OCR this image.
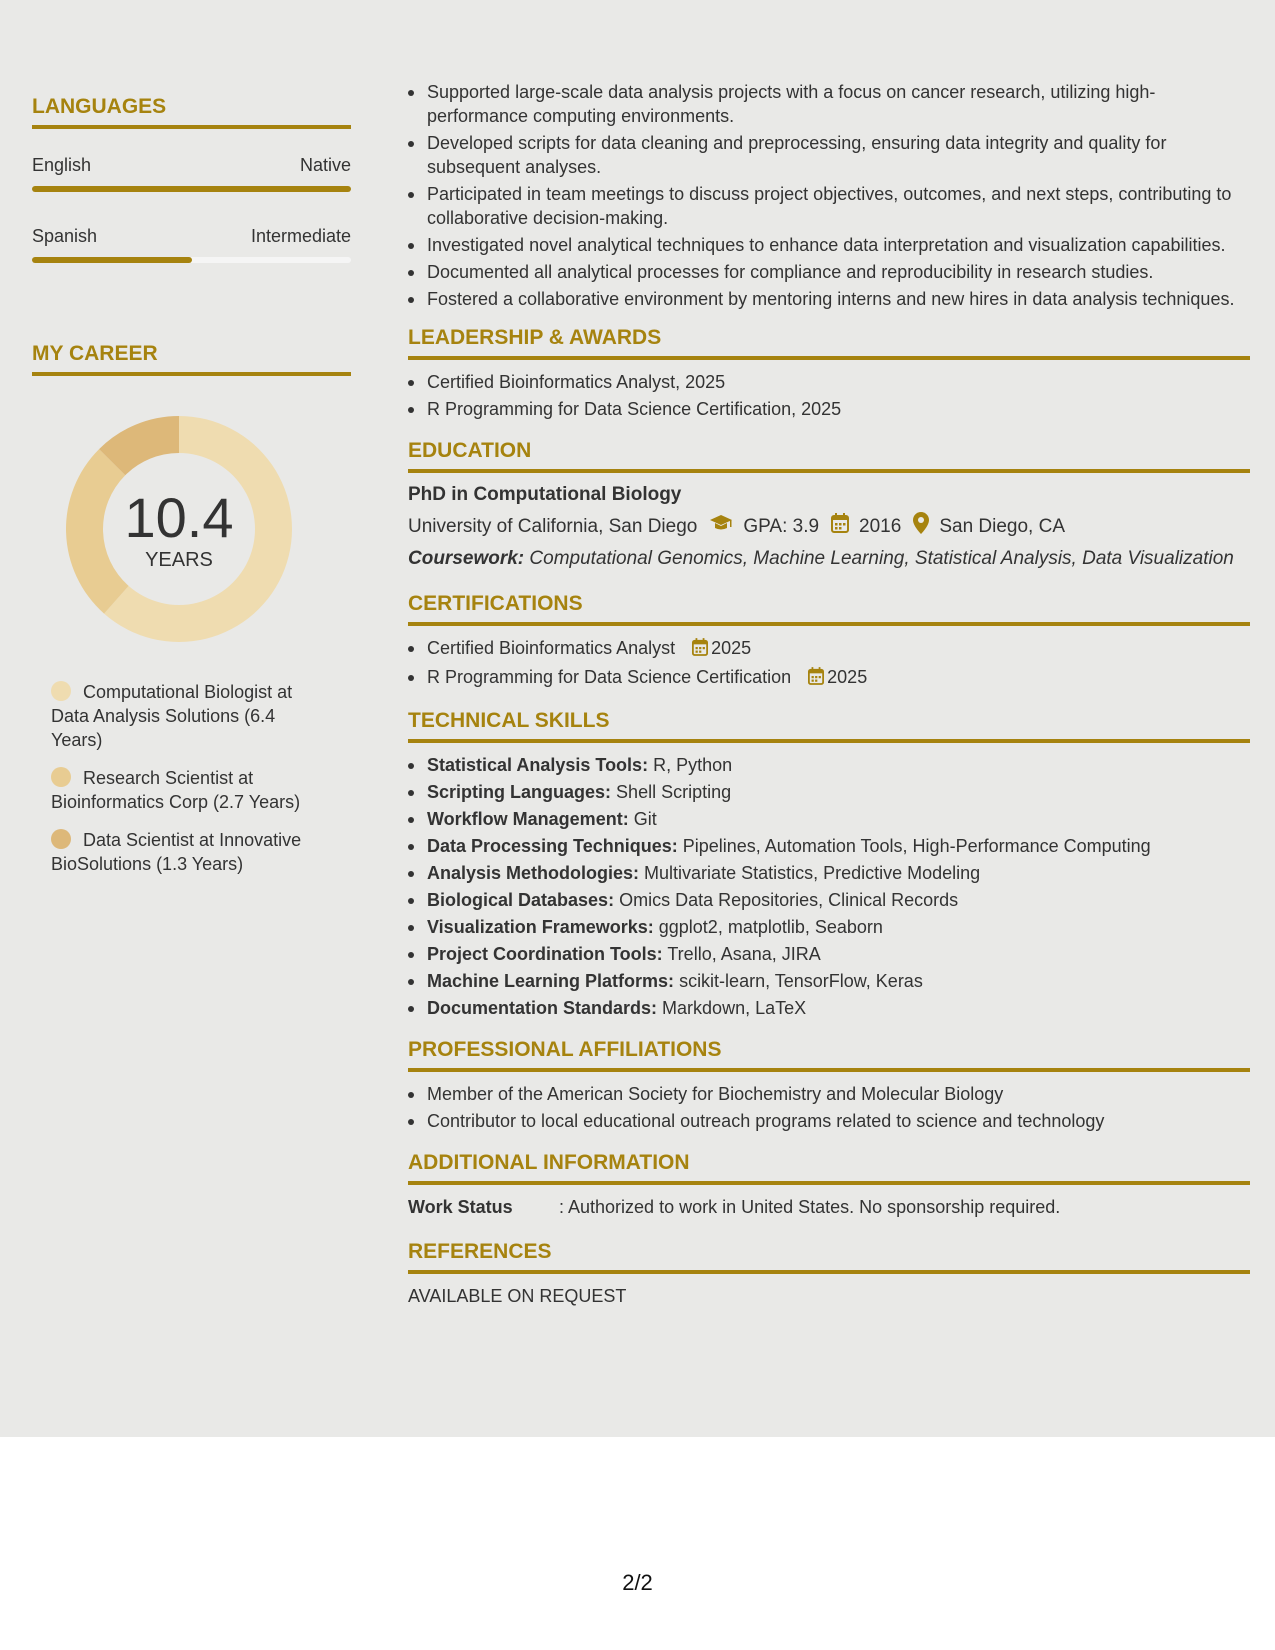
LANGUAGES
English	Native
Spanish	Intermediate
MY CAREER
10.4
YEARS
Computational Biologist at Data Analysis Solutions (6.4 Years)
Research Scientist at Bioinformatics Corp (2.7 Years)
Data Scientist at Innovative BioSolutions (1.3 Years)
Supported large-scale data analysis projects with a focus on cancer research, utilizing high-performance computing environments.
Developed scripts for data cleaning and preprocessing, ensuring data integrity and quality for subsequent analyses.
Participated in team meetings to discuss project objectives, outcomes, and next steps, contributing to collaborative decision-making.
Investigated novel analytical techniques to enhance data interpretation and visualization capabilities.
Documented all analytical processes for compliance and reproducibility in research studies.
Fostered a collaborative environment by mentoring interns and new hires in data analysis techniques.
LEADERSHIP & AWARDS
Certified Bioinformatics Analyst, 2025
R Programming for Data Science Certification, 2025
EDUCATION
PhD in Computational Biology
University of California, San Diego GPA: 3.9 2016 San Diego, CA
Coursework: Computational Genomics, Machine Learning, Statistical Analysis, Data Visualization
CERTIFICATIONS
Certified Bioinformatics Analyst 2025
R Programming for Data Science Certification 2025
TECHNICAL SKILLS
Statistical Analysis Tools: R, Python
Scripting Languages: Shell Scripting
Workflow Management: Git
Data Processing Techniques: Pipelines, Automation Tools, High-Performance Computing
Analysis Methodologies: Multivariate Statistics, Predictive Modeling
Biological Databases: Omics Data Repositories, Clinical Records
Visualization Frameworks: ggplot2, matplotlib, Seaborn
Project Coordination Tools: Trello, Asana, JIRA
Machine Learning Platforms: scikit-learn, TensorFlow, Keras
Documentation Standards: Markdown, LaTeX
PROFESSIONAL AFFILIATIONS
Member of the American Society for Biochemistry and Molecular Biology
Contributor to local educational outreach programs related to science and technology
ADDITIONAL INFORMATION
Work Status	: Authorized to work in United States. No sponsorship required.
REFERENCES
AVAILABLE ON REQUEST
2/2
